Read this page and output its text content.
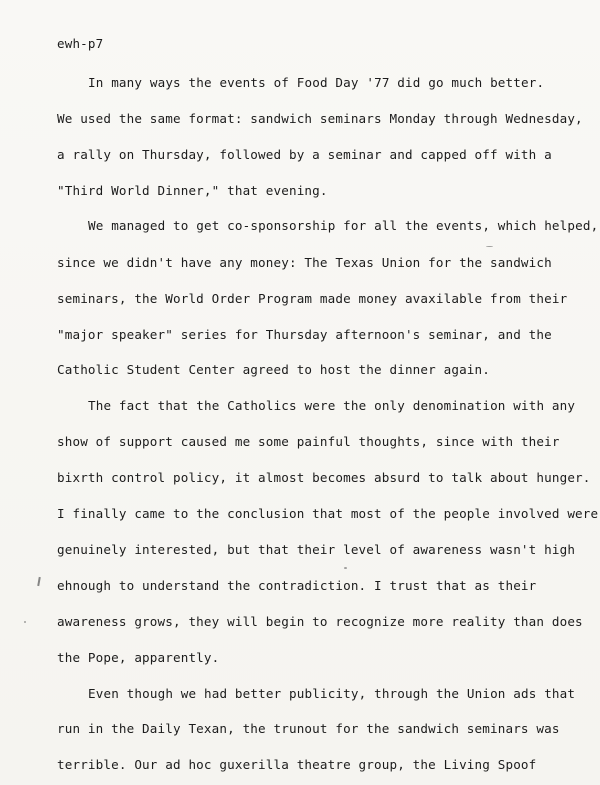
ewh-p7
In many ways the events of Food Day '77 did go much better.
We used the same format: sandwich seminars Monday through Wednesday,
a rally on Thursday, followed by a seminar and capped off with a
"Third World Dinner," that evening.
We managed to get co-sponsorship for all the events, which helped,
since we didn't have any money: The Texas Union for the sandwich
seminars, the World Order Program made money avaxilable from their
"major speaker" series for Thursday afternoon's seminar, and the
Catholic Student Center agreed to host the dinner again.
The fact that the Catholics were the only denomination with any
show of support caused me some painful thoughts, since with their
bixrth control policy, it almost becomes absurd to talk about hunger.
I finally came to the conclusion that most of the people involved were
genuinely interested, but that their level of awareness wasn't high
ehnough to understand the contradiction. I trust that as their
awareness grows, they will begin to recognize more reality than does
the Pope, apparently.
Even though we had better publicity, through the Union ads that
run in the Daily Texan, the trunout for the sandwich seminars was
terrible. Our ad hoc guxerilla theatre group, the Living Spoof
